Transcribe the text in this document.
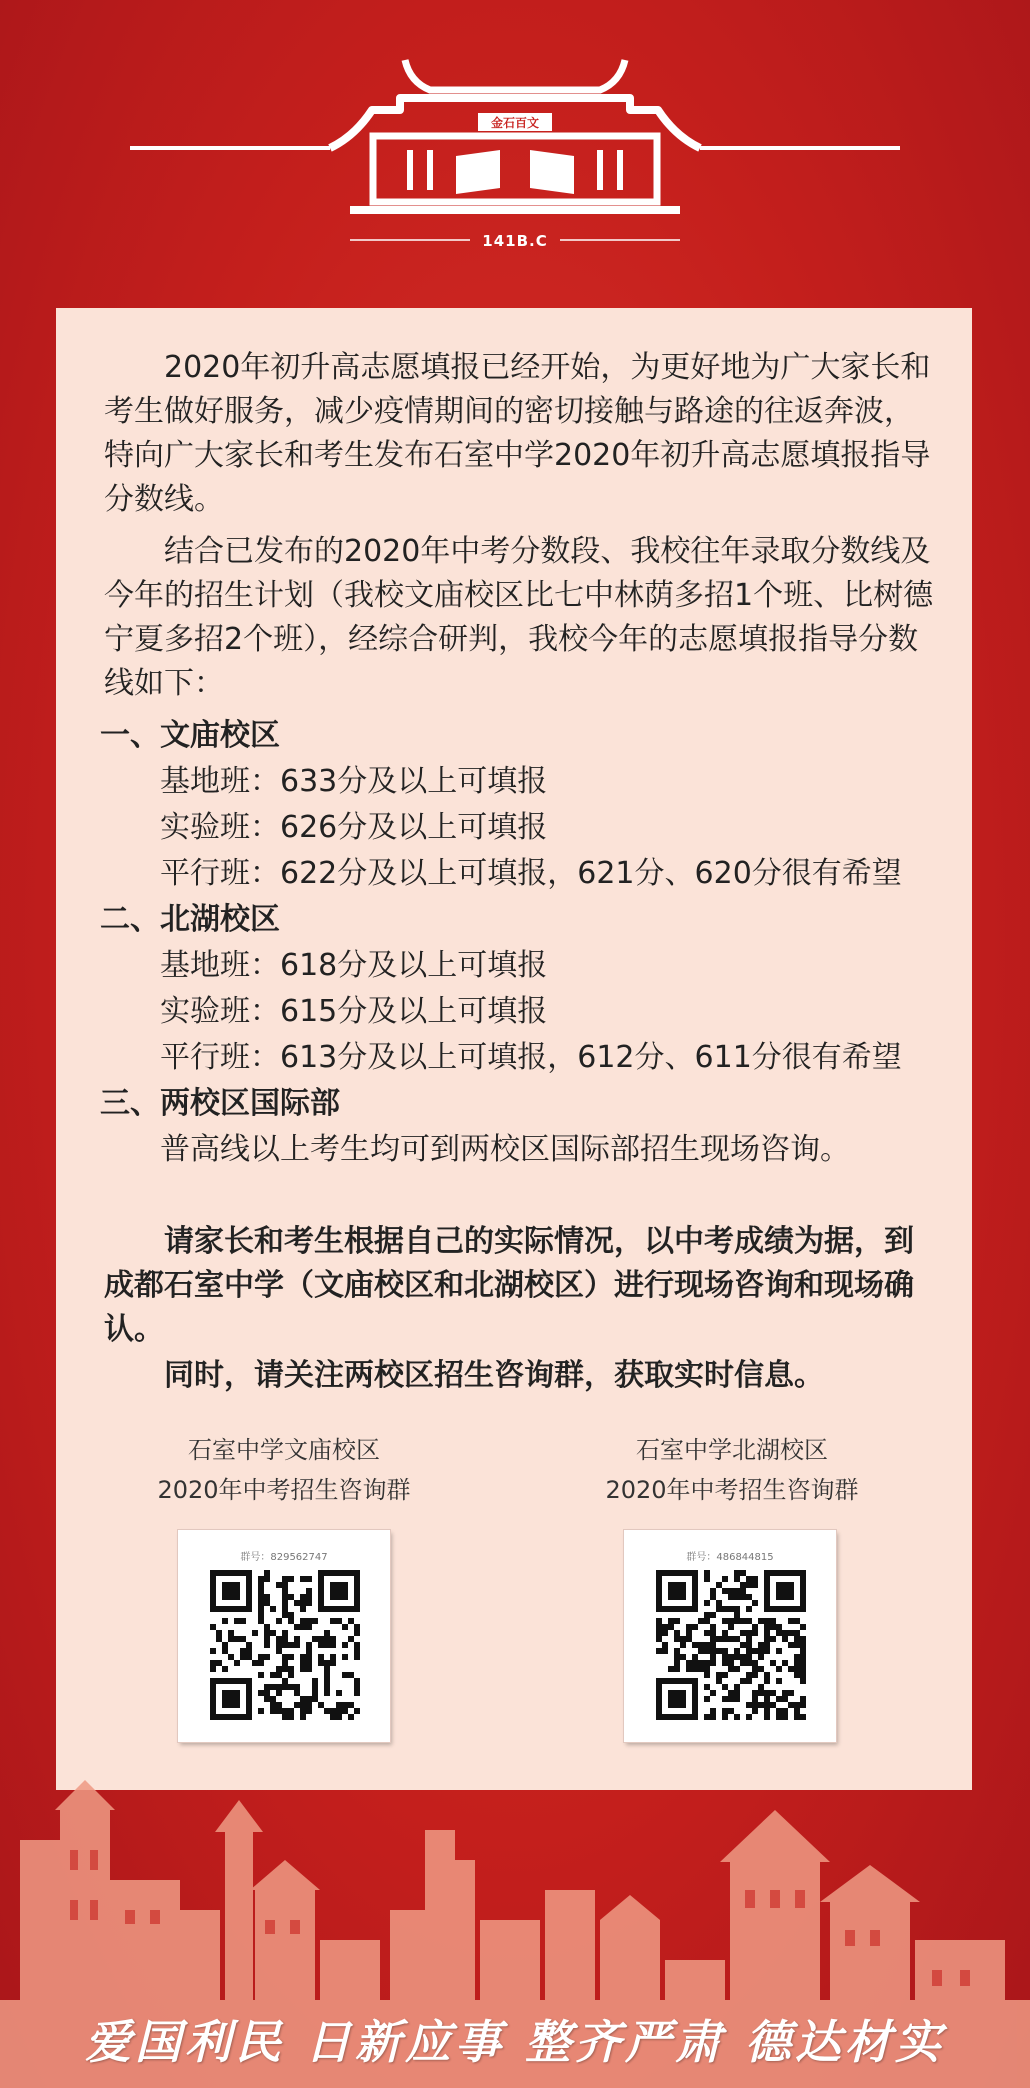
金石百文
141B.C

2020年初升高志愿填报已经开始，为更好地为广大家长和考生做好服务，减少疫情期间的密切接触与路途的往返奔波，特向广大家长和考生发布石室中学2020年初升高志愿填报指导分数线。

结合已发布的2020年中考分数段、我校往年录取分数线及今年的招生计划（我校文庙校区比七中林荫多招1个班、比树德宁夏多招2个班），经综合研判，我校今年的志愿填报指导分数线如下：

一、文庙校区
基地班：633分及以上可填报
实验班：626分及以上可填报
平行班：622分及以上可填报，621分、620分很有希望
二、北湖校区
基地班：618分及以上可填报
实验班：615分及以上可填报
平行班：613分及以上可填报，612分、611分很有希望
三、两校区国际部
普高线以上考生均可到两校区国际部招生现场咨询。

请家长和考生根据自己的实际情况，以中考成绩为据，到成都石室中学（文庙校区和北湖校区）进行现场咨询和现场确认。

同时，请关注两校区招生咨询群，获取实时信息。

石室中学文庙校区
2020年中考招生咨询群
群号：829562747
石室中学北湖校区
2020年中考招生咨询群
群号：486844815
爱国利民 日新应事 整齐严肃 德达材实
